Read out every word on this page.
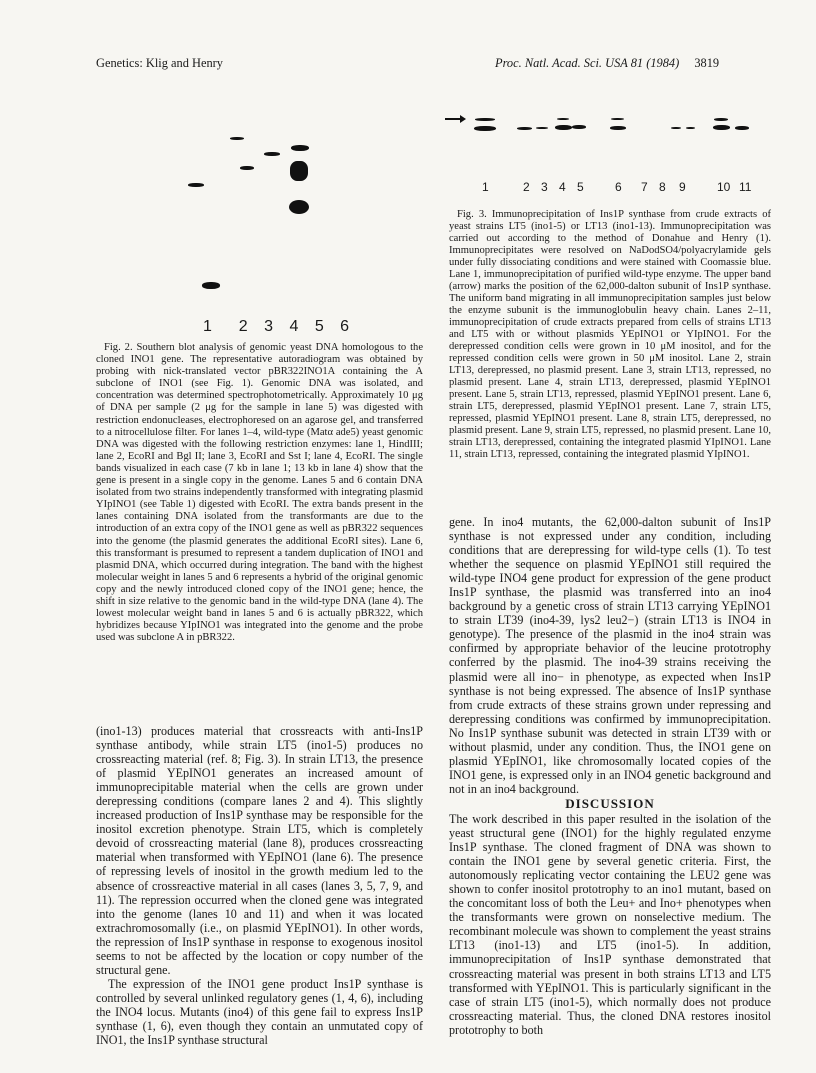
Genetics: Klig and Henry	Proc. Natl. Acad. Sci. USA 81 (1984) 3819
1  2 3 4 5 6
1	2 3 4 5	6 7 8 9	10 11
Fig. 3. Immunoprecipitation of Ins1P synthase from crude extracts of yeast strains LT5 (ino1-5) or LT13 (ino1-13). Immunoprecipitation was carried out according to the method of Donahue and Henry (1). Immunoprecipitates were resolved on NaDodSO4/polyacrylamide gels under fully dissociating conditions and were stained with Coomassie blue. Lane 1, immunoprecipitation of purified wild-type enzyme. The upper band (arrow) marks the position of the 62,000-dalton subunit of Ins1P synthase. The uniform band migrating in all immunoprecipitation samples just below the enzyme subunit is the immunoglobulin heavy chain. Lanes 2–11, immunoprecipitation of crude extracts prepared from cells of strains LT13 and LT5 with or without plasmids YEpINO1 or YIpINO1. For the derepressed condition cells were grown in 10 μM inositol, and for the repressed condition cells were grown in 50 μM inositol. Lane 2, strain LT13, derepressed, no plasmid present. Lane 3, strain LT13, repressed, no plasmid present. Lane 4, strain LT13, derepressed, plasmid YEpINO1 present. Lane 5, strain LT13, repressed, plasmid YEpINO1 present. Lane 6, strain LT5, derepressed, plasmid YEpINO1 present. Lane 7, strain LT5, repressed, plasmid YEpINO1 present. Lane 8, strain LT5, derepressed, no plasmid present. Lane 9, strain LT5, repressed, no plasmid present. Lane 10, strain LT13, derepressed, containing the integrated plasmid YIpINO1. Lane 11, strain LT13, repressed, containing the integrated plasmid YIpINO1.
Fig. 2. Southern blot analysis of genomic yeast DNA homologous to the cloned INO1 gene. The representative autoradiogram was obtained by probing with nick-translated vector pBR322INO1A containing the A subclone of INO1 (see Fig. 1). Genomic DNA was isolated, and concentration was determined spectrophotometrically. Approximately 10 μg of DNA per sample (2 μg for the sample in lane 5) was digested with restriction endonucleases, electrophoresed on an agarose gel, and transferred to a nitrocellulose filter. For lanes 1–4, wild-type (Matα ade5) yeast genomic DNA was digested with the following restriction enzymes: lane 1, HindIII; lane 2, EcoRI and Bgl II; lane 3, EcoRI and Sst I; lane 4, EcoRI. The single bands visualized in each case (7 kb in lane 1; 13 kb in lane 4) show that the gene is present in a single copy in the genome. Lanes 5 and 6 contain DNA isolated from two strains independently transformed with integrating plasmid YIpINO1 (see Table 1) digested with EcoRI. The extra bands present in the lanes containing DNA isolated from the transformants are due to the introduction of an extra copy of the INO1 gene as well as pBR322 sequences into the genome (the plasmid generates the additional EcoRI sites). Lane 6, this transformant is presumed to represent a tandem duplication of INO1 and plasmid DNA, which occurred during integration. The band with the highest molecular weight in lanes 5 and 6 represents a hybrid of the original genomic copy and the newly introduced cloned copy of the INO1 gene; hence, the shift in size relative to the genomic band in the wild-type DNA (lane 4). The lowest molecular weight band in lanes 5 and 6 is actually pBR322, which hybridizes because YIpINO1 was integrated into the genome and the probe used was subclone A in pBR322.

(ino1-13) produces material that crossreacts with anti-Ins1P synthase antibody, while strain LT5 (ino1-5) produces no crossreacting material (ref. 8; Fig. 3). In strain LT13, the presence of plasmid YEpINO1 generates an increased amount of immunoprecipitable material when the cells are grown under derepressing conditions (compare lanes 2 and 4). This slightly increased production of Ins1P synthase may be responsible for the inositol excretion phenotype. Strain LT5, which is completely devoid of crossreacting material (lane 8), produces crossreacting material when transformed with YEpINO1 (lane 6). The presence of repressing levels of inositol in the growth medium led to the absence of crossreactive material in all cases (lanes 3, 5, 7, 9, and 11). The repression occurred when the cloned gene was integrated into the genome (lanes 10 and 11) and when it was located extrachromosomally (i.e., on plasmid YEpINO1). In other words, the repression of Ins1P synthase in response to exogenous inositol seems to not be affected by the location or copy number of the structural gene.

The expression of the INO1 gene product Ins1P synthase is controlled by several unlinked regulatory genes (1, 4, 6), including the INO4 locus. Mutants (ino4) of this gene fail to express Ins1P synthase (1, 6), even though they contain an unmutated copy of INO1, the Ins1P synthase structural

gene. In ino4 mutants, the 62,000-dalton subunit of Ins1P synthase is not expressed under any condition, including conditions that are derepressing for wild-type cells (1). To test whether the sequence on plasmid YEpINO1 still required the wild-type INO4 gene product for expression of the gene product Ins1P synthase, the plasmid was transferred into an ino4 background by a genetic cross of strain LT13 carrying YEpINO1 to strain LT39 (ino4-39, lys2 leu2−) (strain LT13 is INO4 in genotype). The presence of the plasmid in the ino4 strain was confirmed by appropriate behavior of the leucine prototrophy conferred by the plasmid. The ino4-39 strains receiving the plasmid were all ino− in phenotype, as expected when Ins1P synthase is not being expressed. The absence of Ins1P synthase from crude extracts of these strains grown under repressing and derepressing conditions was confirmed by immunoprecipitation. No Ins1P synthase subunit was detected in strain LT39 with or without plasmid, under any condition. Thus, the INO1 gene on plasmid YEpINO1, like chromosomally located copies of the INO1 gene, is expressed only in an INO4 genetic background and not in an ino4 background.

DISCUSSION

The work described in this paper resulted in the isolation of the yeast structural gene (INO1) for the highly regulated enzyme Ins1P synthase. The cloned fragment of DNA was shown to contain the INO1 gene by several genetic criteria. First, the autonomously replicating vector containing the LEU2 gene was shown to confer inositol prototrophy to an ino1 mutant, based on the concomitant loss of both the Leu+ and Ino+ phenotypes when the transformants were grown on nonselective medium. The recombinant molecule was shown to complement the yeast strains LT13 (ino1-13) and LT5 (ino1-5). In addition, immunoprecipitation of Ins1P synthase demonstrated that crossreacting material was present in both strains LT13 and LT5 transformed with YEpINO1. This is particularly significant in the case of strain LT5 (ino1-5), which normally does not produce crossreacting material. Thus, the cloned DNA restores inositol prototrophy to both
